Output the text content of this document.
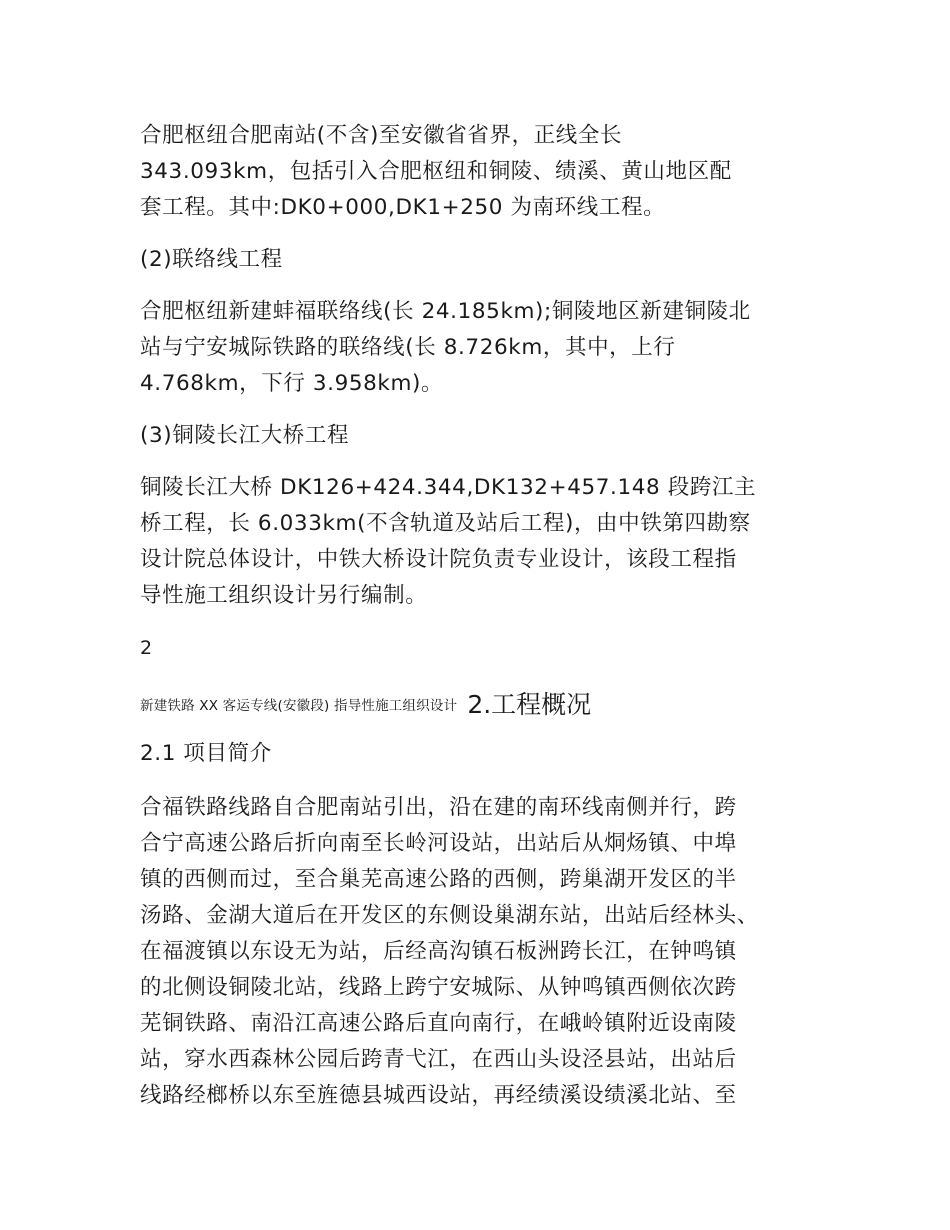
合肥枢纽合肥南站(不含)至安徽省省界，正线全长
343.093km，包括引入合肥枢纽和铜陵、绩溪、黄山地区配
套工程。其中:DK0+000,DK1+250 为南环线工程。

(2)联络线工程

合肥枢纽新建蚌福联络线(长 24.185km);铜陵地区新建铜陵北
站与宁安城际铁路的联络线(长 8.726km，其中，上行
4.768km，下行 3.958km)。

(3)铜陵长江大桥工程

铜陵长江大桥 DK126+424.344,DK132+457.148 段跨江主
桥工程，长 6.033km(不含轨道及站后工程)，由中铁第四勘察
设计院总体设计，中铁大桥设计院负责专业设计，该段工程指
导性施工组织设计另行编制。

2

新建铁路 XX 客运专线(安徽段) 指导性施工组织设计 2.工程概况

2.1 项目简介

合福铁路线路自合肥南站引出，沿在建的南环线南侧并行，跨
合宁高速公路后折向南至长岭河设站，出站后从烔炀镇、中埠
镇的西侧而过，至合巢芜高速公路的西侧，跨巢湖开发区的半
汤路、金湖大道后在开发区的东侧设巢湖东站，出站后经林头、
在福渡镇以东设无为站，后经高沟镇石板洲跨长江，在钟鸣镇
的北侧设铜陵北站，线路上跨宁安城际、从钟鸣镇西侧依次跨
芜铜铁路、南沿江高速公路后直向南行，在峨岭镇附近设南陵
站，穿水西森林公园后跨青弋江，在西山头设泾县站，出站后
线路经榔桥以东至旌德县城西设站，再经绩溪设绩溪北站、至
